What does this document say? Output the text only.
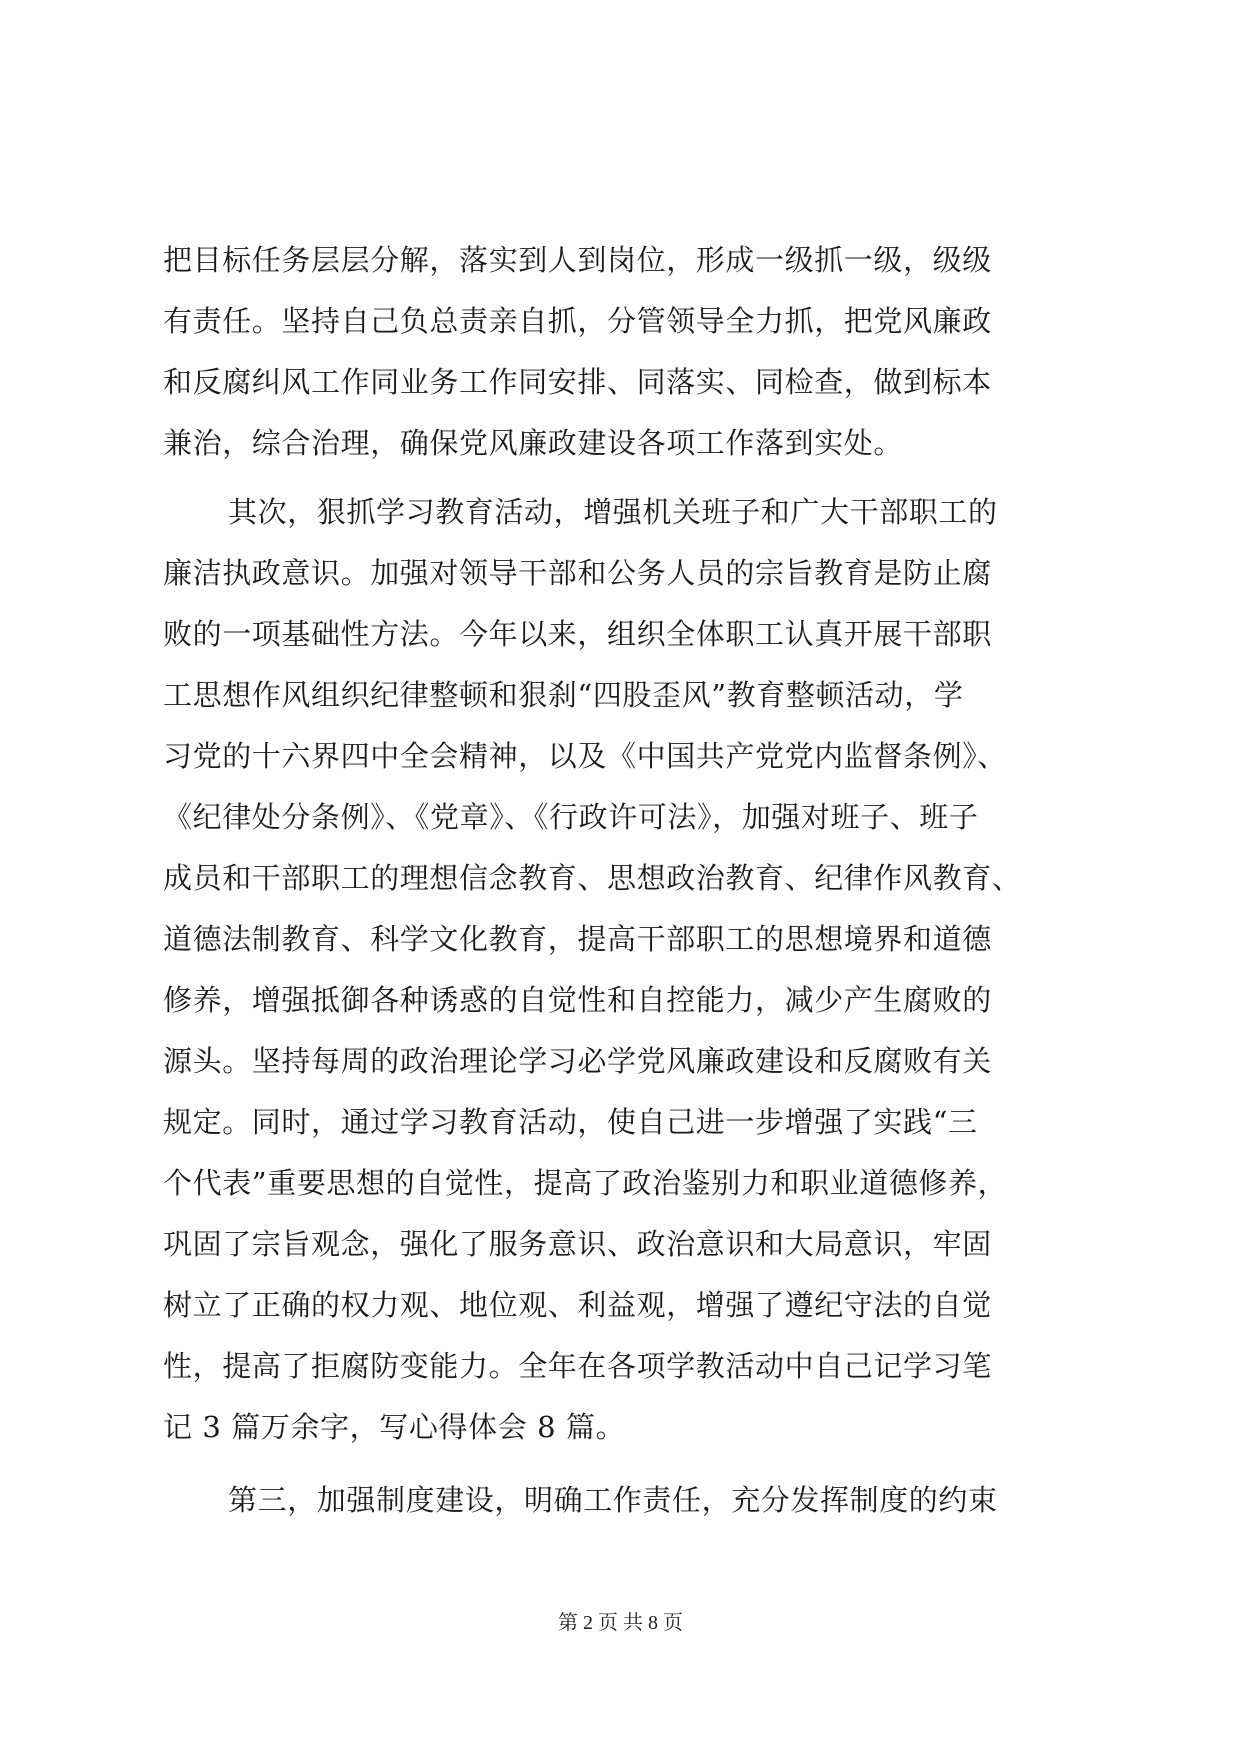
把目标任务层层分解，落实到人到岗位，形成一级抓一级，级级
有责任。坚持自己负总责亲自抓，分管领导全力抓，把党风廉政
和反腐纠风工作同业务工作同安排、同落实、同检查，做到标本
兼治，综合治理，确保党风廉政建设各项工作落到实处。
其次，狠抓学习教育活动，增强机关班子和广大干部职工的
廉洁执政意识。加强对领导干部和公务人员的宗旨教育是防止腐
败的一项基础性方法。今年以来，组织全体职工认真开展干部职
工思想作风组织纪律整顿和狠刹“四股歪风”教育整顿活动，学
习党的十六界四中全会精神，以及《中国共产党党内监督条例》、
《纪律处分条例》、《党章》、《行政许可法》，加强对班子、班子
成员和干部职工的理想信念教育、思想政治教育、纪律作风教育、
道德法制教育、科学文化教育，提高干部职工的思想境界和道德
修养，增强抵御各种诱惑的自觉性和自控能力，减少产生腐败的
源头。坚持每周的政治理论学习必学党风廉政建设和反腐败有关
规定。同时，通过学习教育活动，使自己进一步增强了实践“三
个代表”重要思想的自觉性，提高了政治鉴别力和职业道德修养，
巩固了宗旨观念，强化了服务意识、政治意识和大局意识，牢固
树立了正确的权力观、地位观、利益观，增强了遵纪守法的自觉
性，提高了拒腐防变能力。全年在各项学教活动中自己记学习笔
记 3 篇万余字，写心得体会 8 篇。
第三，加强制度建设，明确工作责任，充分发挥制度的约束
第 2 页 共 8 页
